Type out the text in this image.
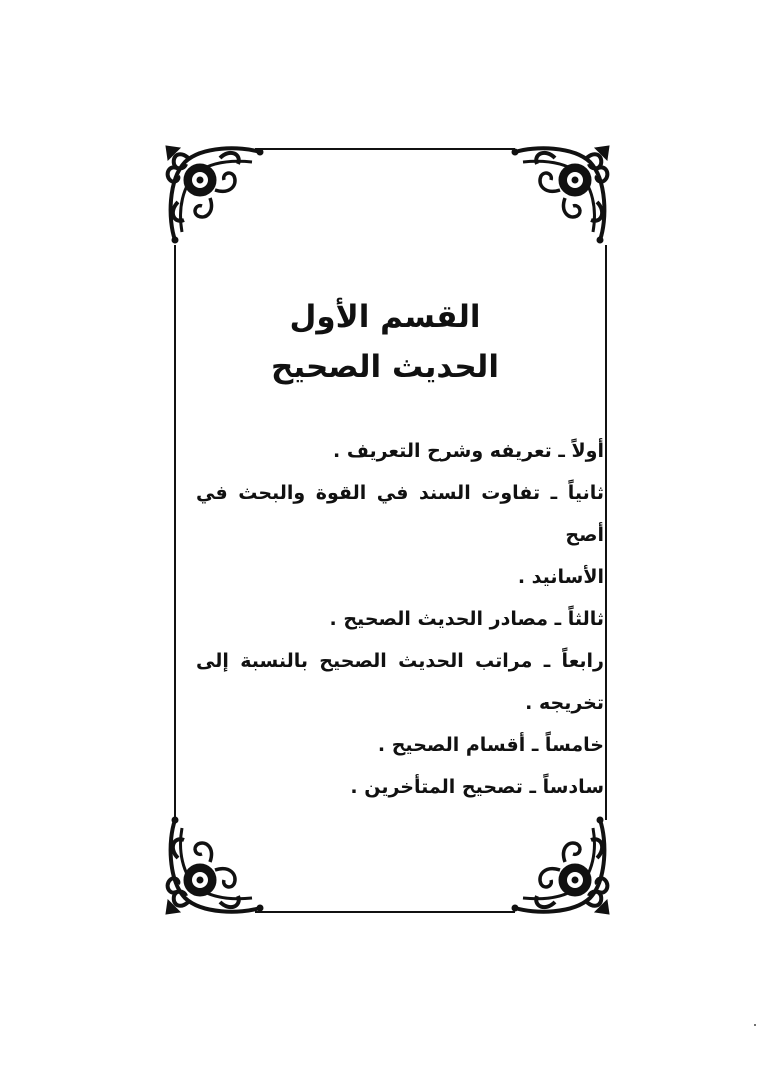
القسم الأول

الحديث الصحيح

أولاً ـ تعريفه وشرح التعريف .

ثانياً ـ تفاوت السند في القوة والبحث في أصح
الأسانيد .

ثالثاً ـ مصادر الحديث الصحيح .

رابعاً ـ مراتب الحديث الصحيح بالنسبة إلى
تخريجه .

خامساً ـ أقسام الصحيح .

سادساً ـ تصحيح المتأخرين .
